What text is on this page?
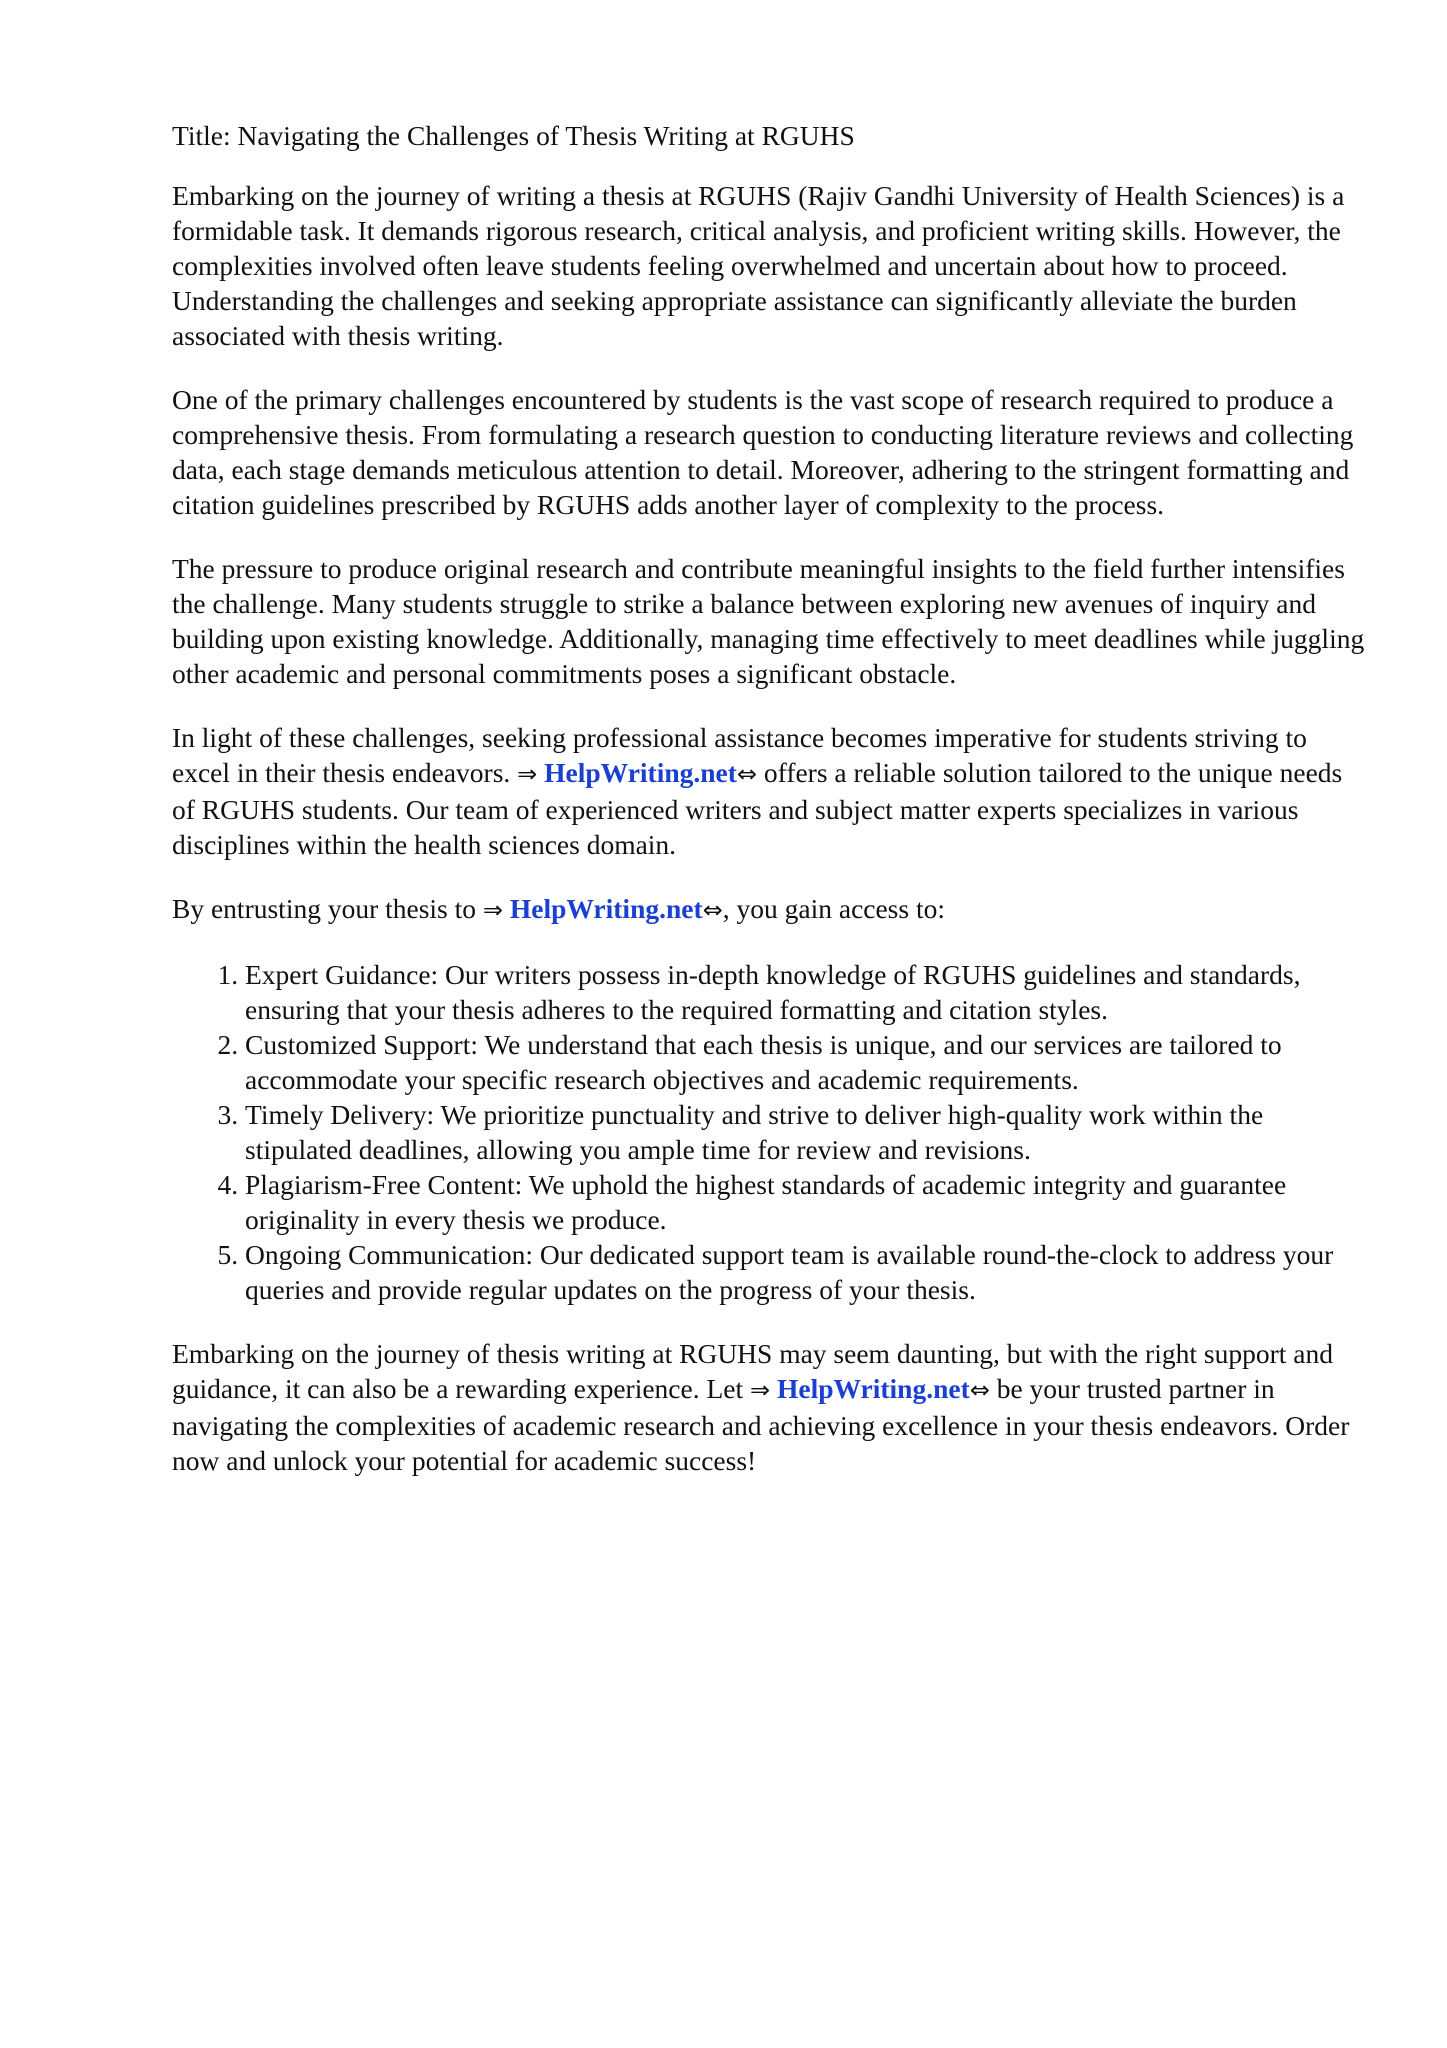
Title: Navigating the Challenges of Thesis Writing at RGUHS

Embarking on the journey of writing a thesis at RGUHS (Rajiv Gandhi University of Health Sciences) is a formidable task. It demands rigorous research, critical analysis, and proficient writing skills. However, the complexities involved often leave students feeling overwhelmed and uncertain about how to proceed. Understanding the challenges and seeking appropriate assistance can significantly alleviate the burden associated with thesis writing.

One of the primary challenges encountered by students is the vast scope of research required to produce a comprehensive thesis. From formulating a research question to conducting literature reviews and collecting data, each stage demands meticulous attention to detail. Moreover, adhering to the stringent formatting and citation guidelines prescribed by RGUHS adds another layer of complexity to the process.

The pressure to produce original research and contribute meaningful insights to the field further intensifies the challenge. Many students struggle to strike a balance between exploring new avenues of inquiry and building upon existing knowledge. Additionally, managing time effectively to meet deadlines while juggling other academic and personal commitments poses a significant obstacle.

In light of these challenges, seeking professional assistance becomes imperative for students striving to excel in their thesis endeavors. ⇒ HelpWriting.net⇔ offers a reliable solution tailored to the unique needs of RGUHS students. Our team of experienced writers and subject matter experts specializes in various disciplines within the health sciences domain.

By entrusting your thesis to ⇒ HelpWriting.net⇔, you gain access to:

1. Expert Guidance: Our writers possess in-depth knowledge of RGUHS guidelines and standards, ensuring that your thesis adheres to the required formatting and citation styles.
2. Customized Support: We understand that each thesis is unique, and our services are tailored to accommodate your specific research objectives and academic requirements.
3. Timely Delivery: We prioritize punctuality and strive to deliver high-quality work within the stipulated deadlines, allowing you ample time for review and revisions.
4. Plagiarism-Free Content: We uphold the highest standards of academic integrity and guarantee originality in every thesis we produce.
5. Ongoing Communication: Our dedicated support team is available round-the-clock to address your queries and provide regular updates on the progress of your thesis.

Embarking on the journey of thesis writing at RGUHS may seem daunting, but with the right support and guidance, it can also be a rewarding experience. Let ⇒ HelpWriting.net⇔ be your trusted partner in navigating the complexities of academic research and achieving excellence in your thesis endeavors. Order now and unlock your potential for academic success!
